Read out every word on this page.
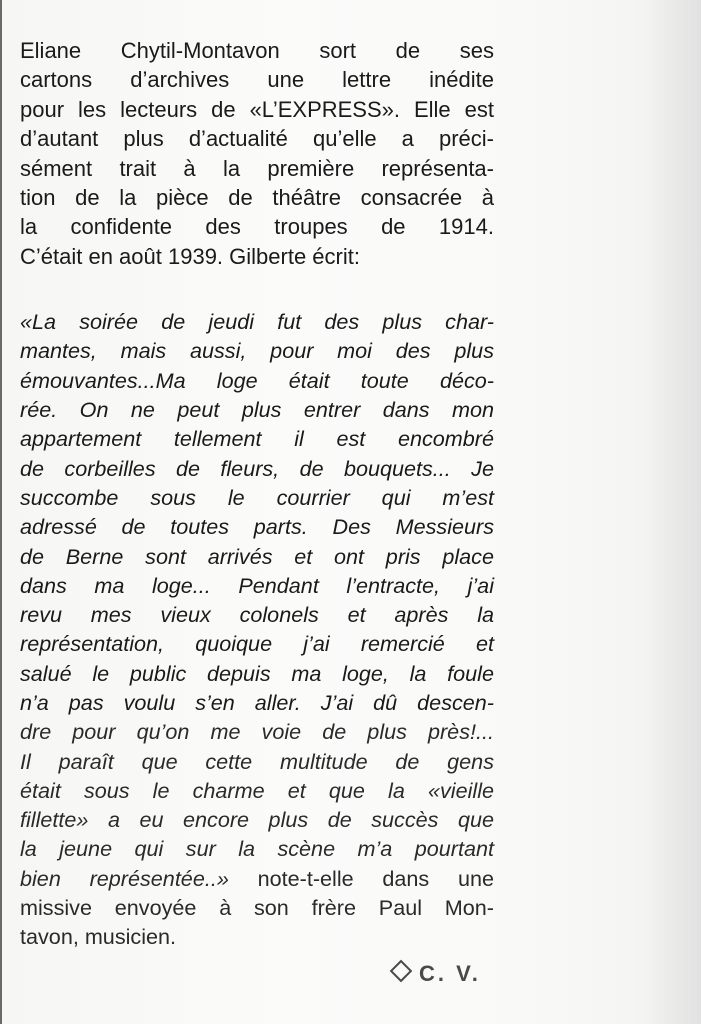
Eliane Chytil-Montavon sort de ses
cartons d’archives une lettre inédite
pour les lecteurs de «L’EXPRESS». Elle est
d’autant plus d’actualité qu’elle a préci-
sément trait à la première représenta-
tion de la pièce de théâtre consacrée à
la confidente des troupes de 1914.
C’était en août 1939. Gilberte écrit:
«La soirée de jeudi fut des plus char-
mantes, mais aussi, pour moi des plus
émouvantes...Ma loge était toute déco-
rée. On ne peut plus entrer dans mon
appartement tellement il est encombré
de corbeilles de fleurs, de bouquets... Je
succombe sous le courrier qui m’est
adressé de toutes parts. Des Messieurs
de Berne sont arrivés et ont pris place
dans ma loge... Pendant l’entracte, j’ai
revu mes vieux colonels et après la
représentation, quoique j’ai remercié et
salué le public depuis ma loge, la foule
n’a pas voulu s’en aller. J’ai dû descen-
dre pour qu’on me voie de plus près!...
Il paraît que cette multitude de gens
était sous le charme et que la «vieille
fillette» a eu encore plus de succès que
la jeune qui sur la scène m’a pourtant
bien représentée..» note-t-elle dans une
missive envoyée à son frère Paul Mon-
tavon, musicien.
C. V.
